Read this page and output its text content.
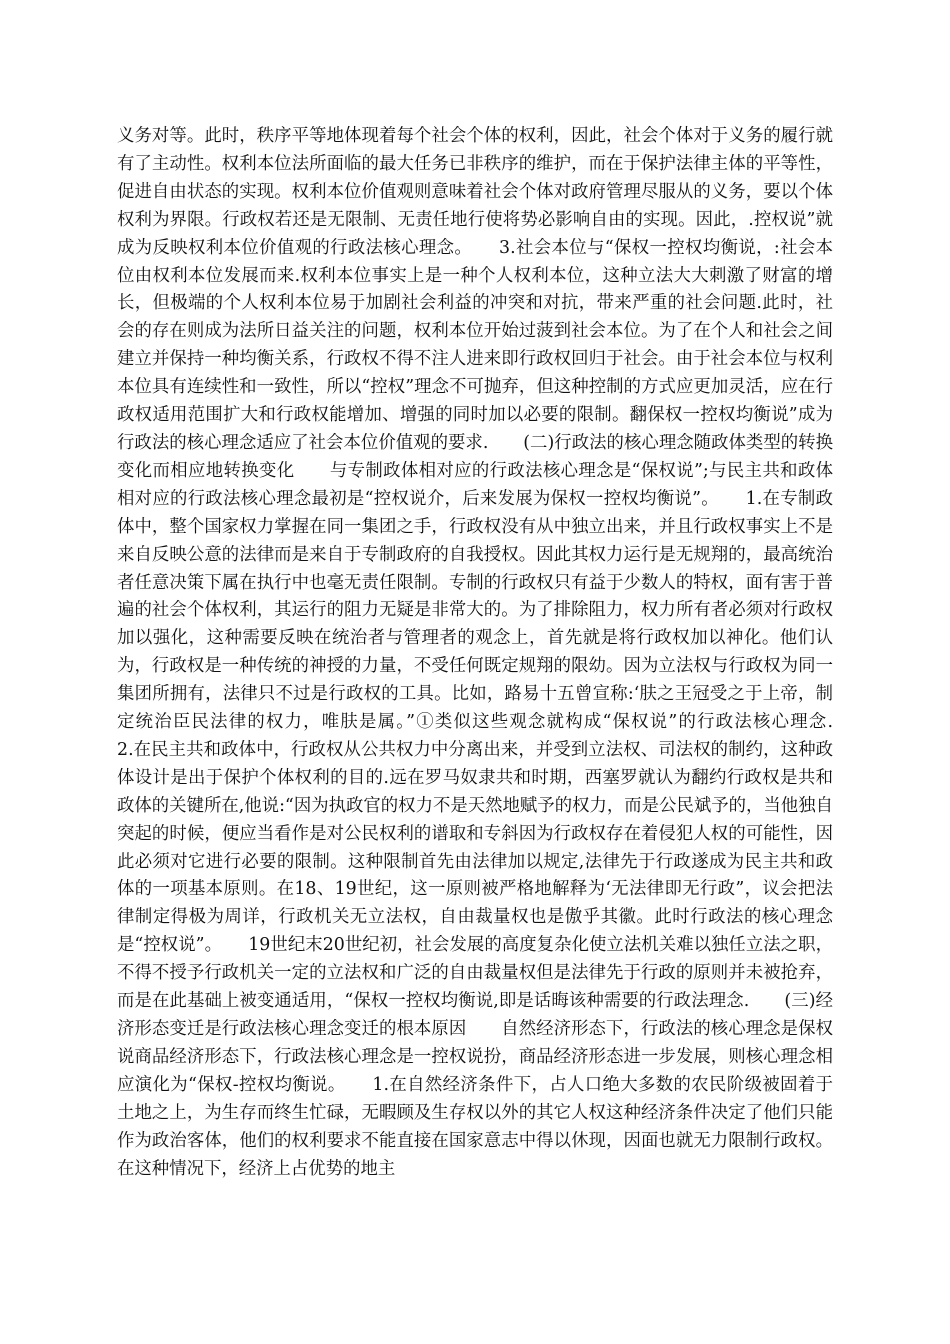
义务对等。此时，秩序平等地体现着每个社会个体的权利，因此，社会个体对于义务的履行就有了主动性。权利本位法所面临的最大任务已非秩序的维护，而在于保护法律主体的平等性，促进自由状态的实现。权利本位价值观则意味着社会个体对政府管理尽服从的义务，要以个体权利为界限。行政权若还是无限制、无责任地行使将势必影响自由的实现。因此，.控权说”就成为反映权利本位价值观的行政法核心理念。　　3.社会本位与“保权一控权均衡说，:社会本位由权利本位发展而来.权利本位事实上是一种个人权利本位，这种立法大大刺激了财富的增长，但极端的个人权利本位易于加剧社会利益的冲突和对抗，带来严重的社会问题.此时，社会的存在则成为法所日益关注的问题，权利本位开始过菠到社会本位。为了在个人和社会之间建立并保持一种均衡关系，行政权不得不注人进来即行政权回归于社会。由于社会本位与权利本位具有连续性和一致性，所以“控权”理念不可抛弃，但这种控制的方式应更加灵活，应在行政权适用范围扩大和行政权能增加、增强的同时加以必要的限制。翻保权一控权均衡说”成为行政法的核心理念适应了社会本位价值观的要求.　　(二)行政法的核心理念随政体类型的转换变化而相应地转换变化　　与专制政体相对应的行政法核心理念是“保权说”;与民主共和政体相对应的行政法核心理念最初是“控权说介，后来发展为保权一控权均衡说”。　　1.在专制政体中，整个国家权力掌握在同一集团之手，行政权没有从中独立出来，并且行政权事实上不是来自反映公意的法律而是来自于专制政府的自我授权。因此其权力运行是无规翔的，最高统治者任意决策下属在执行中也毫无责任限制。专制的行政权只有益于少数人的特权，面有害于普遍的社会个体权利，其运行的阻力无疑是非常大的。为了排除阻力，权力所有者必须对行政权加以强化，这种需要反映在统治者与管理者的观念上，首先就是将行政权加以神化。他们认为，行政权是一种传统的神授的力量，不受任何既定规翔的限幼。因为立法权与行政权为同一集团所拥有，法律只不过是行政权的工具。比如，路易十五曾宣称:‘肤之王冠受之于上帝，制定统治臣民法律的权力，唯肤是属。”①类似这些观念就构成“保权说”的行政法核心理念.　　2.在民主共和政体中，行政权从公共权力中分离出来，并受到立法权、司法权的制约，这种政体设计是出于保护个体权利的目的.远在罗马奴隶共和时期，西塞罗就认为翻约行政权是共和政体的关键所在,他说:“因为执政官的权力不是天然地赋予的权力，而是公民斌予的，当他独自突起的时候，便应当看作是对公民权利的谱取和专斜因为行政权存在着侵犯人权的可能性，因此必须对它进行必要的限制。这种限制首先由法律加以规定,法律先于行政遂成为民主共和政体的一项基本原则。在18、19世纪，这一原则被严格地解释为‘无法律即无行政”，议会把法律制定得极为周详，行政机关无立法权，自由裁量权也是傲乎其徽。此时行政法的核心理念是“控权说”。　　19世纪末20世纪初，社会发展的高度复杂化使立法机关难以独任立法之职，不得不授予行政机关一定的立法权和广泛的自由裁量权但是法律先于行政的原则并未被抢弃，而是在此基础上被变通适用，“保权一控权均衡说,即是话晦该种需要的行政法理念.　　(三)经济形态变迁是行政法核心理念变迁的根本原因　　自然经济形态下，行政法的核心理念是保权说商品经济形态下，行政法核心理念是一控权说扮，商品经济形态进一步发展，则核心理念相应演化为“保权-控权均衡说。　　1.在自然经济条件下，占人口绝大多数的农民阶级被固着于土地之上，为生存而终生忙碌，无暇顾及生存权以外的其它人权这种经济条件决定了他们只能作为政治客体，他们的权利要求不能直接在国家意志中得以休现，因面也就无力限制行政权。在这种情况下，经济上占优势的地主
